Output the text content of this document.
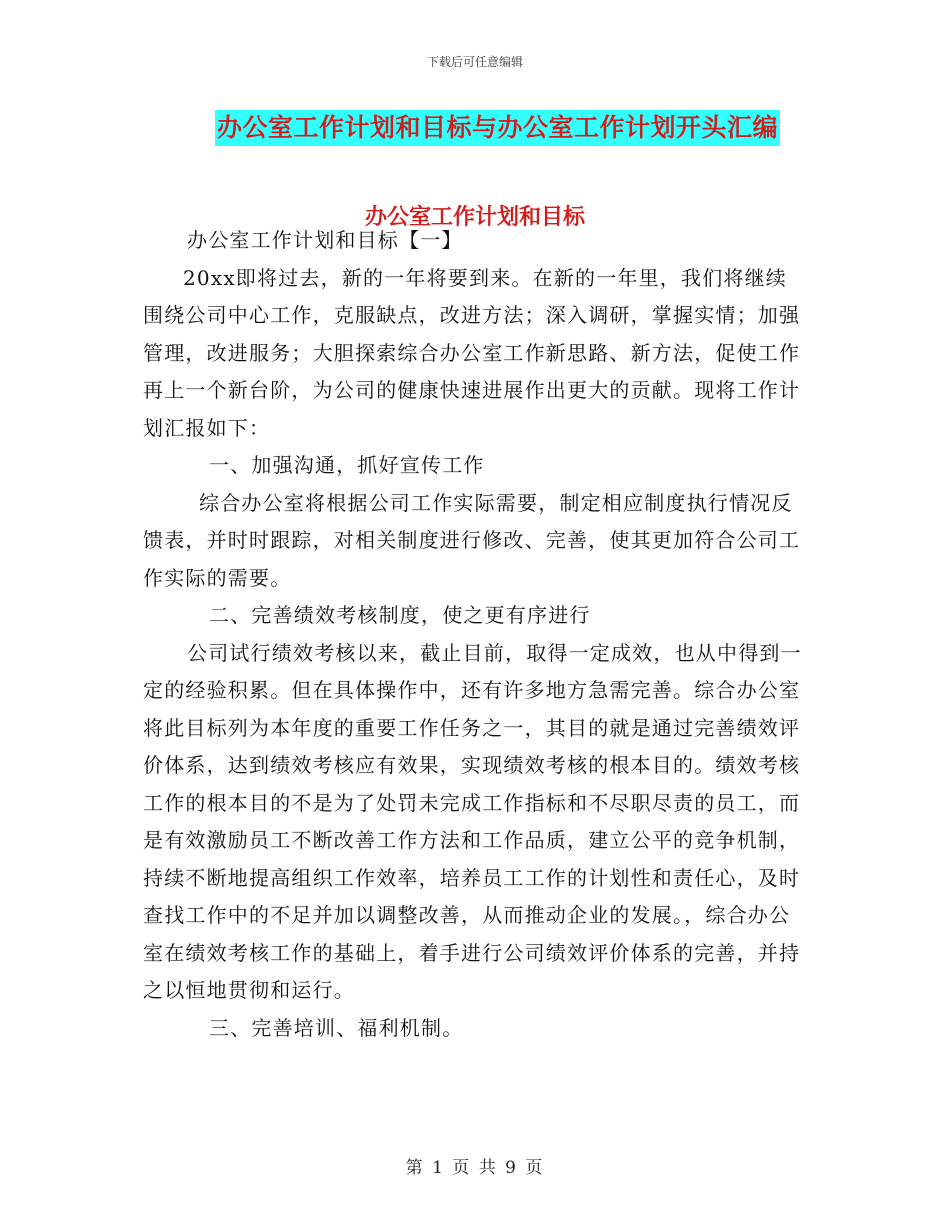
下载后可任意编辑
办公室工作计划和目标与办公室工作计划开头汇编
办公室工作计划和目标

办公室工作计划和目标【一】

20xx即将过去，新的一年将要到来。在新的一年里，我们将继续围绕公司中心工作，克服缺点，改进方法；深入调研，掌握实情；加强管理，改进服务；大胆探索综合办公室工作新思路、新方法，促使工作再上一个新台阶，为公司的健康快速进展作出更大的贡献。现将工作计划汇报如下：

一、加强沟通，抓好宣传工作

综合办公室将根据公司工作实际需要，制定相应制度执行情况反馈表，并时时跟踪，对相关制度进行修改、完善，使其更加符合公司工作实际的需要。

二、完善绩效考核制度，使之更有序进行

公司试行绩效考核以来，截止目前，取得一定成效，也从中得到一定的经验积累。但在具体操作中，还有许多地方急需完善。综合办公室将此目标列为本年度的重要工作任务之一，其目的就是通过完善绩效评价体系，达到绩效考核应有效果，实现绩效考核的根本目的。绩效考核工作的根本目的不是为了处罚未完成工作指标和不尽职尽责的员工，而是有效激励员工不断改善工作方法和工作品质，建立公平的竞争机制，持续不断地提高组织工作效率，培养员工工作的计划性和责任心，及时查找工作中的不足并加以调整改善，从而推动企业的发展。，综合办公室在绩效考核工作的基础上，着手进行公司绩效评价体系的完善，并持之以恒地贯彻和运行。

三、完善培训、福利机制。

第 1 页 共 9 页
